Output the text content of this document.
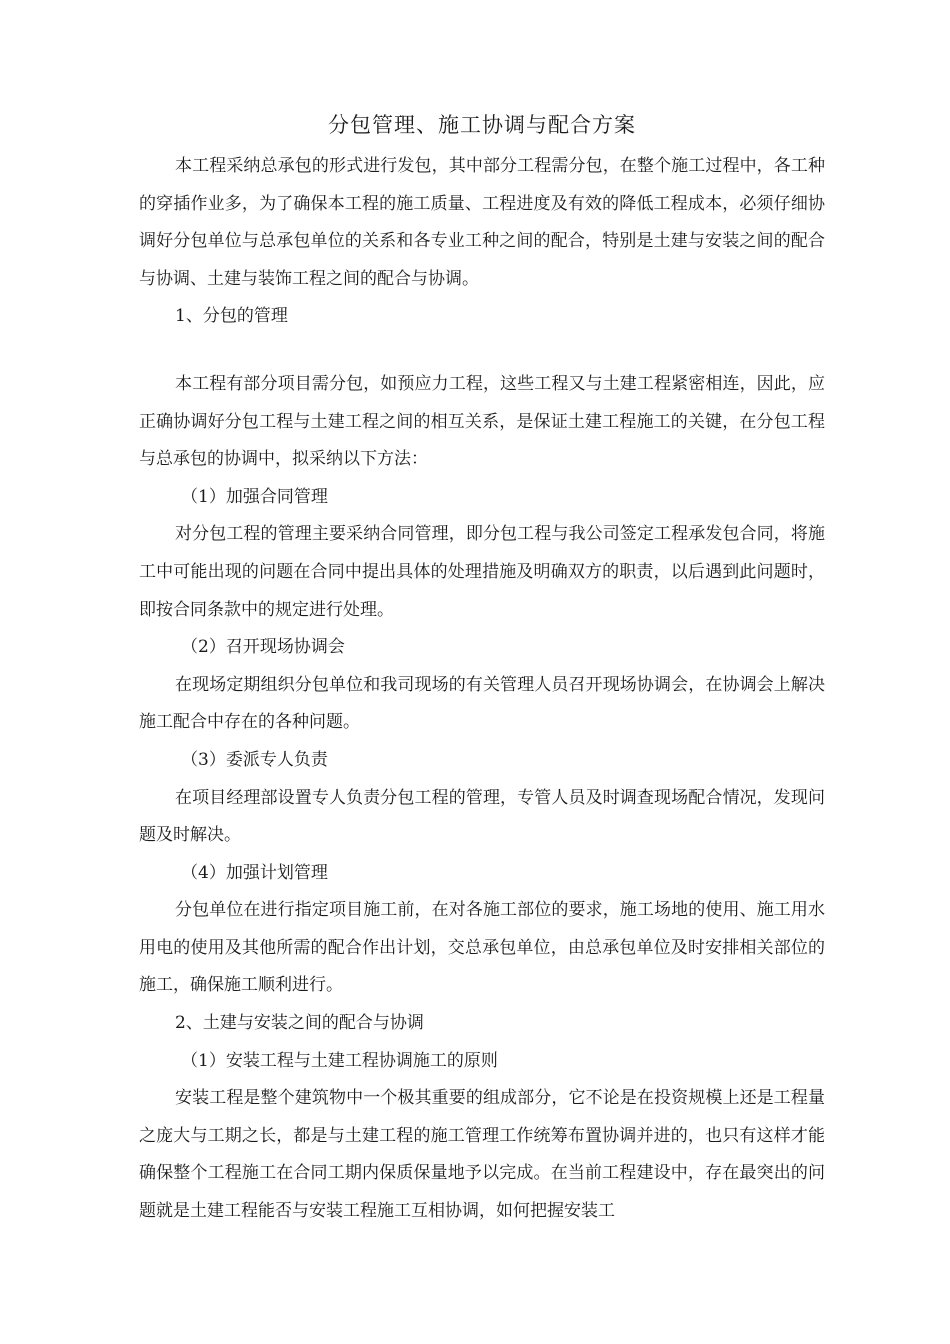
分包管理、施工协调与配合方案

本工程采纳总承包的形式进行发包，其中部分工程需分包，在整个施工过程中，各工种的穿插作业多，为了确保本工程的施工质量、工程进度及有效的降低工程成本，必须仔细协调好分包单位与总承包单位的关系和各专业工种之间的配合，特别是土建与安装之间的配合与协调、土建与装饰工程之间的配合与协调。

1、分包的管理

本工程有部分项目需分包，如预应力工程，这些工程又与土建工程紧密相连，因此，应正确协调好分包工程与土建工程之间的相互关系，是保证土建工程施工的关键，在分包工程与总承包的协调中，拟采纳以下方法：

（1）加强合同管理

对分包工程的管理主要采纳合同管理，即分包工程与我公司签定工程承发包合同，将施工中可能出现的问题在合同中提出具体的处理措施及明确双方的职责，以后遇到此问题时，即按合同条款中的规定进行处理。

（2）召开现场协调会

在现场定期组织分包单位和我司现场的有关管理人员召开现场协调会，在协调会上解决施工配合中存在的各种问题。

（3）委派专人负责

在项目经理部设置专人负责分包工程的管理，专管人员及时调查现场配合情况，发现问题及时解决。

（4）加强计划管理

分包单位在进行指定项目施工前，在对各施工部位的要求，施工场地的使用、施工用水用电的使用及其他所需的配合作出计划，交总承包单位，由总承包单位及时安排相关部位的施工，确保施工顺利进行。

2、土建与安装之间的配合与协调

（1）安装工程与土建工程协调施工的原则

安装工程是整个建筑物中一个极其重要的组成部分，它不论是在投资规模上还是工程量之庞大与工期之长，都是与土建工程的施工管理工作统筹布置协调并进的，也只有这样才能确保整个工程施工在合同工期内保质保量地予以完成。在当前工程建设中，存在最突出的问题就是土建工程能否与安装工程施工互相协调，如何把握安装工
